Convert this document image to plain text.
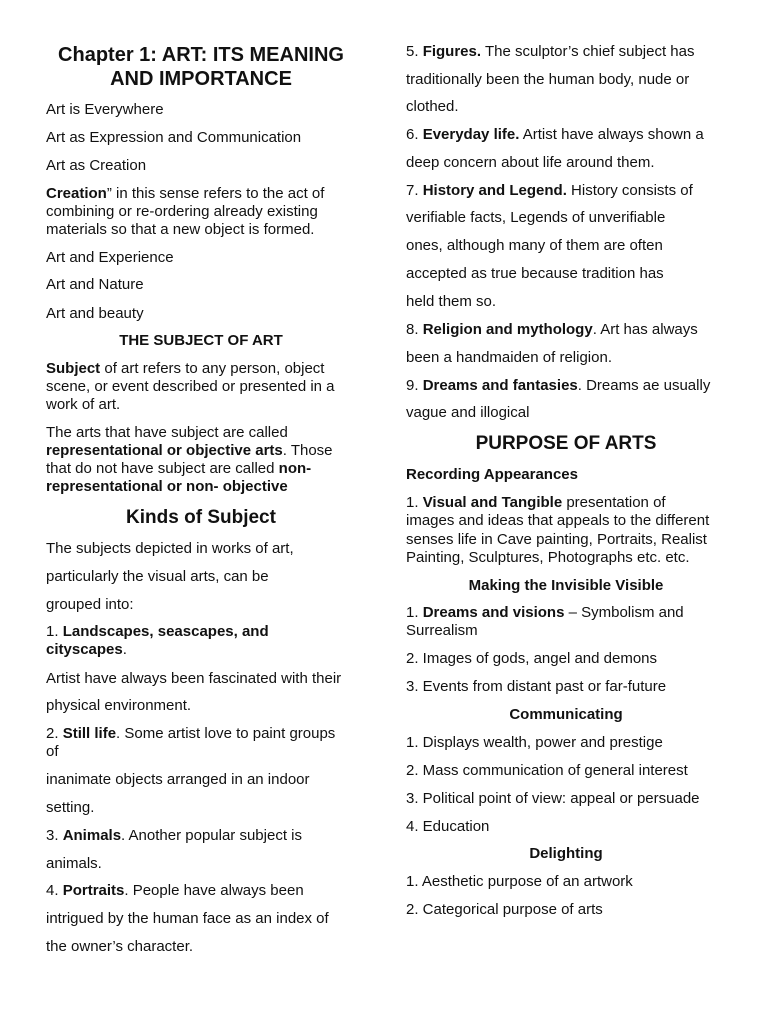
Chapter 1: ART: ITS MEANING
AND IMPORTANCE
Art is Everywhere
Art as Expression and Communication
Art as Creation
Creation” in this sense refers to the act of
combining or re-ordering already existing
materials so that a new object is formed.
Art and Experience
Art and Nature
Art and beauty
THE SUBJECT OF ART
Subject of art refers to any person, object
scene, or event described or presented in a
work of art.
The arts that have subject are called
representational or objective arts. Those
that do not have subject are called non-
representational or non- objective
Kinds of Subject
The subjects depicted in works of art,
particularly the visual arts, can be
grouped into:
1. Landscapes, seascapes, and
cityscapes.
Artist have always been fascinated with their
physical environment.
2. Still life. Some artist love to paint groups
of
inanimate objects arranged in an indoor
setting.
3. Animals. Another popular subject is
animals.
4. Portraits. People have always been
intrigued by the human face as an index of
the owner’s character.
5. Figures. The sculptor’s chief subject has
traditionally been the human body, nude or
clothed.
6. Everyday life. Artist have always shown a
deep concern about life around them.
7. History and Legend. History consists of
verifiable facts, Legends of unverifiable
ones, although many of them are often
accepted as true because tradition has
held them so.
8. Religion and mythology. Art has always
been a handmaiden of religion.
9. Dreams and fantasies. Dreams ae usually
vague and illogical
PURPOSE OF ARTS
Recording Appearances
1. Visual and Tangible presentation of
images and ideas that appeals to the different
senses life in Cave painting, Portraits, Realist
Painting, Sculptures, Photographs etc. etc.
Making the Invisible Visible
1. Dreams and visions – Symbolism and
Surrealism
2. Images of gods, angel and demons
3. Events from distant past or far-future
Communicating
1. Displays wealth, power and prestige
2. Mass communication of general interest
3. Political point of view: appeal or persuade
4. Education
Delighting
1. Aesthetic purpose of an artwork
2. Categorical purpose of arts
